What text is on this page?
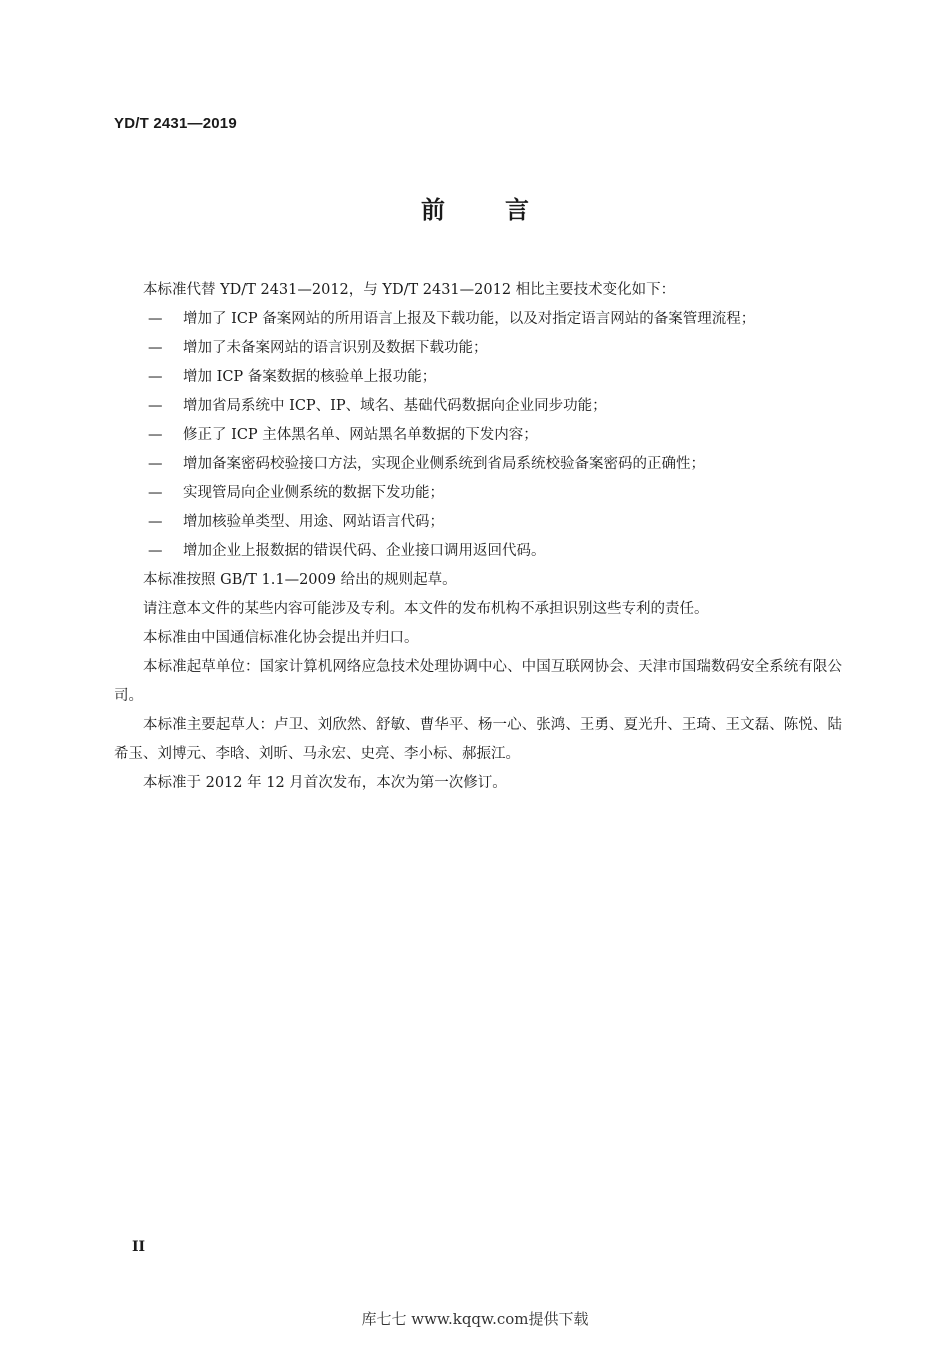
YD/T 2431—2019
前	言

本标准代替 YD/T 2431—2012，与 YD/T 2431—2012 相比主要技术变化如下：

—	增加了 ICP 备案网站的所用语言上报及下载功能，以及对指定语言网站的备案管理流程；

—	增加了未备案网站的语言识别及数据下载功能；

—	增加 ICP 备案数据的核验单上报功能；

—	增加省局系统中 ICP、IP、域名、基础代码数据向企业同步功能；

—	修正了 ICP 主体黑名单、网站黑名单数据的下发内容；

—	增加备案密码校验接口方法，实现企业侧系统到省局系统校验备案密码的正确性；

—	实现管局向企业侧系统的数据下发功能；

—	增加核验单类型、用途、网站语言代码；

—	增加企业上报数据的错误代码、企业接口调用返回代码。

本标准按照 GB/T 1.1—2009 给出的规则起草。

请注意本文件的某些内容可能涉及专利。本文件的发布机构不承担识别这些专利的责任。

本标准由中国通信标准化协会提出并归口。

本标准起草单位：国家计算机网络应急技术处理协调中心、中国互联网协会、天津市国瑞数码安全系统有限公司。

本标准主要起草人：卢卫、刘欣然、舒敏、曹华平、杨一心、张鸿、王勇、夏光升、王琦、王文磊、陈悦、陆希玉、刘博元、李晗、刘昕、马永宏、史亮、李小标、郝振江。

本标准于 2012 年 12 月首次发布，本次为第一次修订。

II
库七七 www.kqqw.com提供下载
